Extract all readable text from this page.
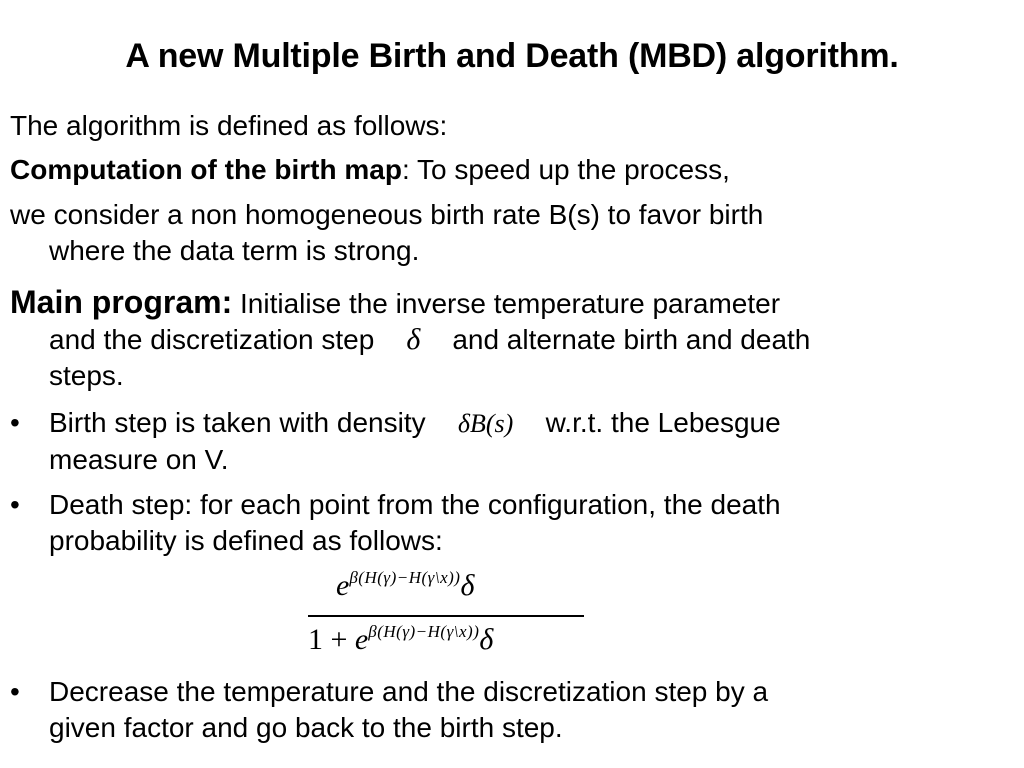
A new Multiple Birth and Death (MBD) algorithm.
The algorithm is defined as follows:
Computation of the birth map: To speed up the process,
we consider a non homogeneous birth rate B(s) to favor birth
where the data term is strong.
Main program: Initialise the inverse temperature parameter
and the discretization step δ and alternate birth and death
steps.
•	Birth step is taken with density δB(s) w.r.t. the Lebesgue
measure on V.
•	Death step: for each point from the configuration, the death
probability is defined as follows:
eβ(H(γ)−H(γ\x))δ
1 + eβ(H(γ)−H(γ\x))δ
•	Decrease the temperature and the discretization step by a
given factor and go back to the birth step.
